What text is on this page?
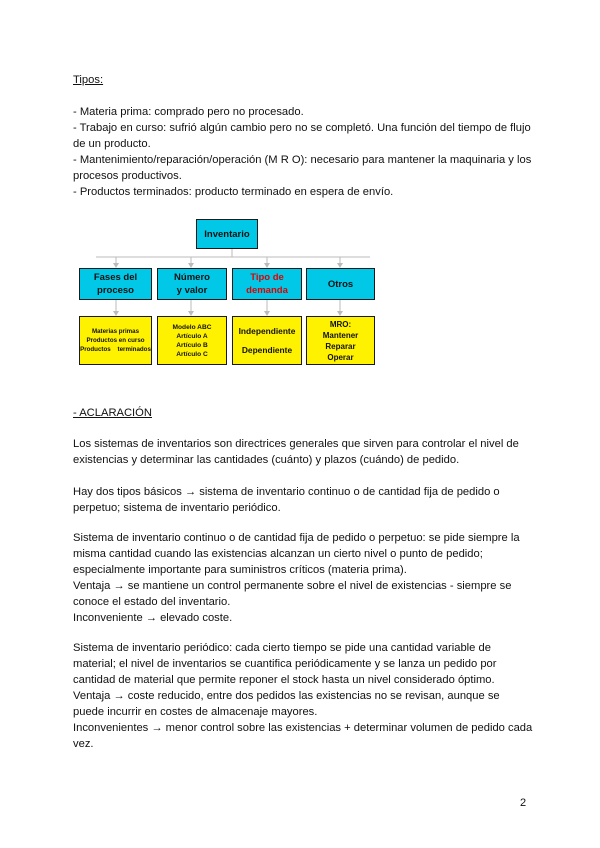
Tipos:

- Materia prima: comprado pero no procesado.

- Trabajo en curso: sufrió algún cambio pero no se completó. Una función del tiempo de flujo de un producto.

- Mantenimiento/reparación/operación (M R O): necesario para mantener la maquinaria y los procesos productivos.

- Productos terminados: producto terminado en espera de envío.

Inventario
Fases del
proceso
Número
y valor
Tipo de
demanda
Otros
Materias primas
Productos en curso
Productos    terminados
Modelo ABC
Artículo A
Artículo B
Artículo C
Independiente
Dependiente
MRO:
Mantener
Reparar
Operar

- ACLARACIÓN

Los sistemas de inventarios son directrices generales que sirven para controlar el nivel de existencias y determinar las cantidades (cuánto) y plazos (cuándo) de pedido.

Hay dos tipos básicos → sistema de inventario continuo o de cantidad fija de pedido o perpetuo; sistema de inventario periódico.

Sistema de inventario continuo o de cantidad fija de pedido o perpetuo: se pide siempre la misma cantidad cuando las existencias alcanzan un cierto nivel o punto de pedido; especialmente importante para suministros críticos (materia prima).

Ventaja → se mantiene un control permanente sobre el nivel de existencias - siempre se conoce el estado del inventario.

Inconveniente → elevado coste.

Sistema de inventario periódico: cada cierto tiempo se pide una cantidad variable de material; el nivel de inventarios se cuantifica periódicamente y se lanza un pedido por cantidad de material que permite reponer el stock hasta un nivel considerado óptimo.

Ventaja → coste reducido, entre dos pedidos las existencias no se revisan, aunque se puede incurrir en costes de almacenaje mayores.

Inconvenientes → menor control sobre las existencias + determinar volumen de pedido cada vez.

2
